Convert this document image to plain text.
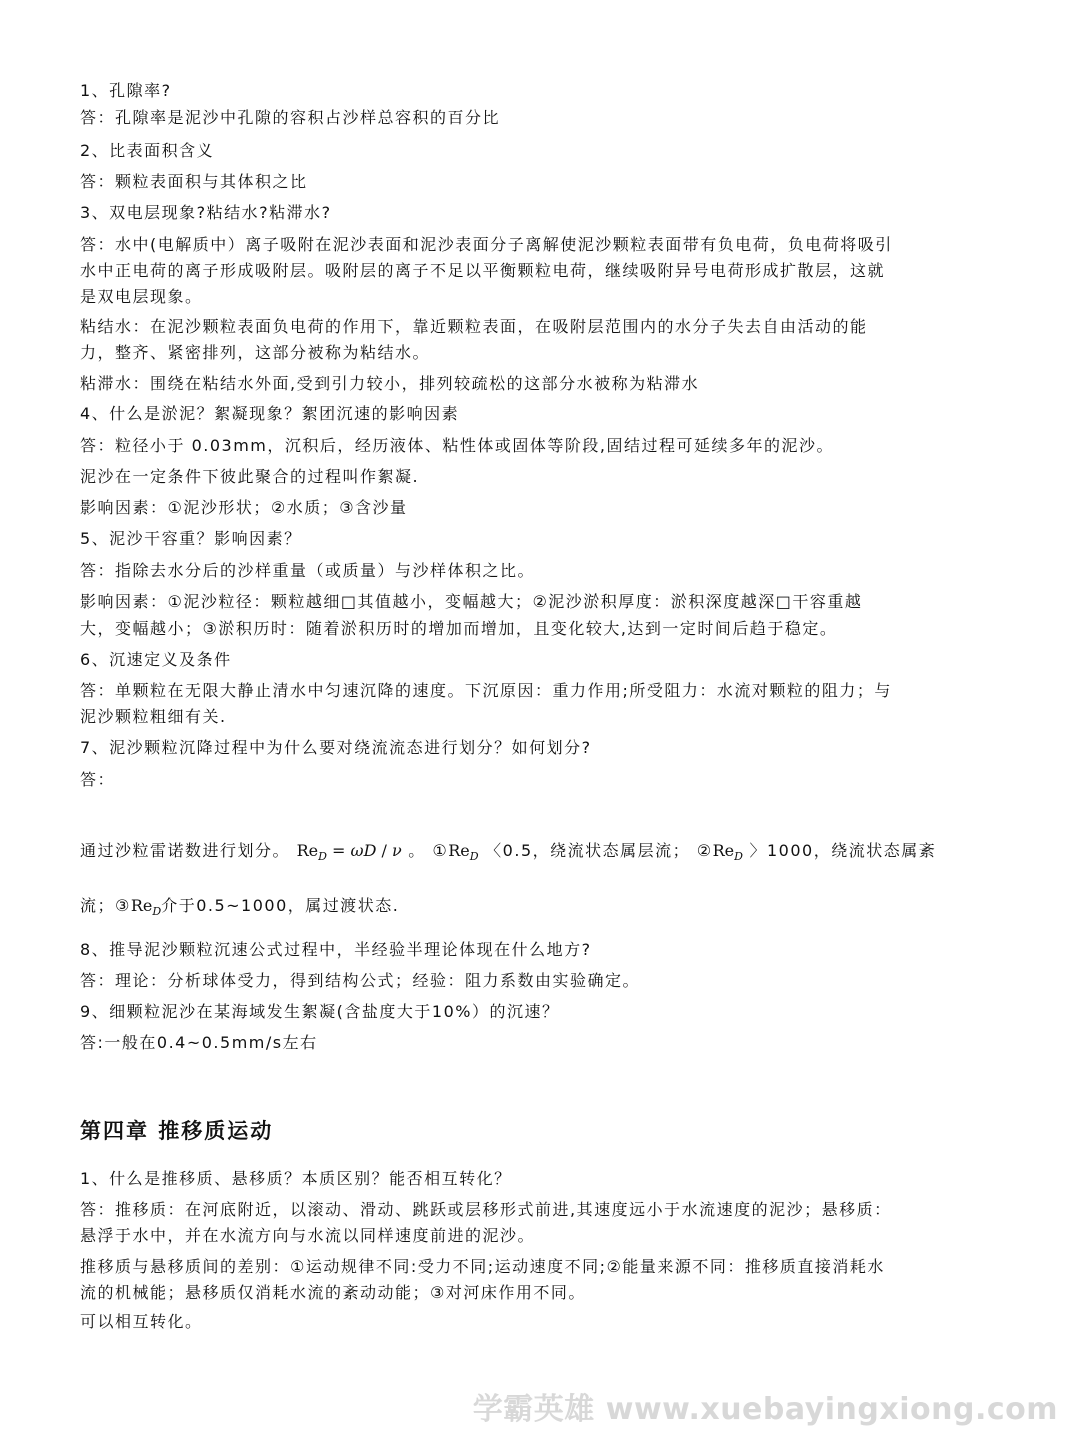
1、孔隙率?
答：孔隙率是泥沙中孔隙的容积占沙样总容积的百分比
2、比表面积含义
答：颗粒表面积与其体积之比
3、双电层现象?粘结水?粘滞水?
答：水中(电解质中）离子吸附在泥沙表面和泥沙表面分子离解使泥沙颗粒表面带有负电荷，负电荷将吸引
水中正电荷的离子形成吸附层。吸附层的离子不足以平衡颗粒电荷，继续吸附异号电荷形成扩散层，这就
是双电层现象。
粘结水：在泥沙颗粒表面负电荷的作用下，靠近颗粒表面，在吸附层范围内的水分子失去自由活动的能
力，整齐、紧密排列，这部分被称为粘结水。
粘滞水：围绕在粘结水外面,受到引力较小，排列较疏松的这部分水被称为粘滞水
4、什么是淤泥？絮凝现象？絮团沉速的影响因素
答：粒径小于 0.03mm，沉积后，经历液体、粘性体或固体等阶段,固结过程可延续多年的泥沙。
泥沙在一定条件下彼此聚合的过程叫作絮凝.
影响因素：①泥沙形状；②水质；③含沙量
5、泥沙干容重？影响因素？
答：指除去水分后的沙样重量（或质量）与沙样体积之比。
影响因素：①泥沙粒径：颗粒越细□其值越小，变幅越大；②泥沙淤积厚度：淤积深度越深□干容重越
大，变幅越小；③淤积历时：随着淤积历时的增加而增加，且变化较大,达到一定时间后趋于稳定。
6、沉速定义及条件
答：单颗粒在无限大静止清水中匀速沉降的速度。下沉原因：重力作用;所受阻力：水流对颗粒的阻力；与
泥沙颗粒粗细有关.
7、泥沙颗粒沉降过程中为什么要对绕流流态进行划分？如何划分?
答：
通过沙粒雷诺数进行划分。 $Re_D = \omega D / \nu$ 。 $①Re_D$ 〈0.5，绕流状态属层流； $②Re_D$ 〉1000，绕流状态属紊
流；$③Re_D$介于0.5~1000，属过渡状态.
8、推导泥沙颗粒沉速公式过程中，半经验半理论体现在什么地方?
答：理论：分析球体受力，得到结构公式；经验：阻力系数由实验确定。
9、细颗粒泥沙在某海域发生絮凝(含盐度大于10%）的沉速？
答:一般在0.4~0.5mm/s左右
第四章 推移质运动
1、什么是推移质、悬移质？本质区别？能否相互转化？
答：推移质：在河底附近，以滚动、滑动、跳跃或层移形式前进,其速度远小于水流速度的泥沙；悬移质：
悬浮于水中，并在水流方向与水流以同样速度前进的泥沙。
推移质与悬移质间的差别：①运动规律不同:受力不同;运动速度不同;②能量来源不同：推移质直接消耗水
流的机械能；悬移质仅消耗水流的紊动动能；③对河床作用不同。
可以相互转化。
学霸英雄 www.xuebayingxiong.com
